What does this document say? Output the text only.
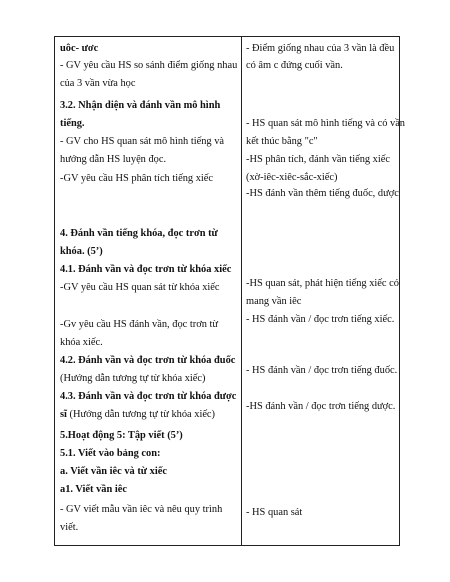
uôc- ươc
- GV yêu cầu HS so sánh điểm giống nhau
của 3 vần vừa học
3.2. Nhận diện và đánh vần mô hình
tiếng.
- GV cho HS quan sát mô hình tiếng và
hướng dẫn HS luyện đọc.
-GV yêu cầu HS phân tích tiếng xiếc
4. Đánh vần tiếng khóa, đọc trơn từ
khóa. (5’)
4.1. Đánh vần và đọc trơn từ khóa xiếc
-GV yêu cầu HS quan sát từ khóa xiếc
-Gv yêu cầu HS đánh vần, đọc trơn từ
khóa xiếc.
4.2. Đánh vần và đọc trơn từ khóa đuốc
(Hướng dẫn tương tự từ khóa xiếc)
4.3. Đánh vần và đọc trơn từ khóa được
sĩ (Hướng dẫn tương tự từ khóa xiếc)
5.Hoạt động 5: Tập viết (5’)
5.1. Viết vào bảng con:
a. Viết vần iêc và từ xiếc
a1. Viết vần iêc
- GV viết mẫu vần iêc và nêu quy trình
viết.
- Điểm giống nhau của 3 vần là đều
có âm c đứng cuối vần.
- HS quan sát mô hình tiếng và có vần
kết thúc bằng "c"
-HS phân tích, đánh vần tiếng xiếc
(xờ-iêc-xiêc-sắc-xiếc)
-HS đánh vần thêm tiếng đuốc, dược
-HS quan sát, phát hiện tiếng xiếc có
mang vần iêc
- HS đánh vần / đọc trơn tiếng xiếc.
- HS đánh vần / đọc trơn tiếng đuốc.
-HS đánh vần / đọc trơn tiếng dược.
- HS quan sát
